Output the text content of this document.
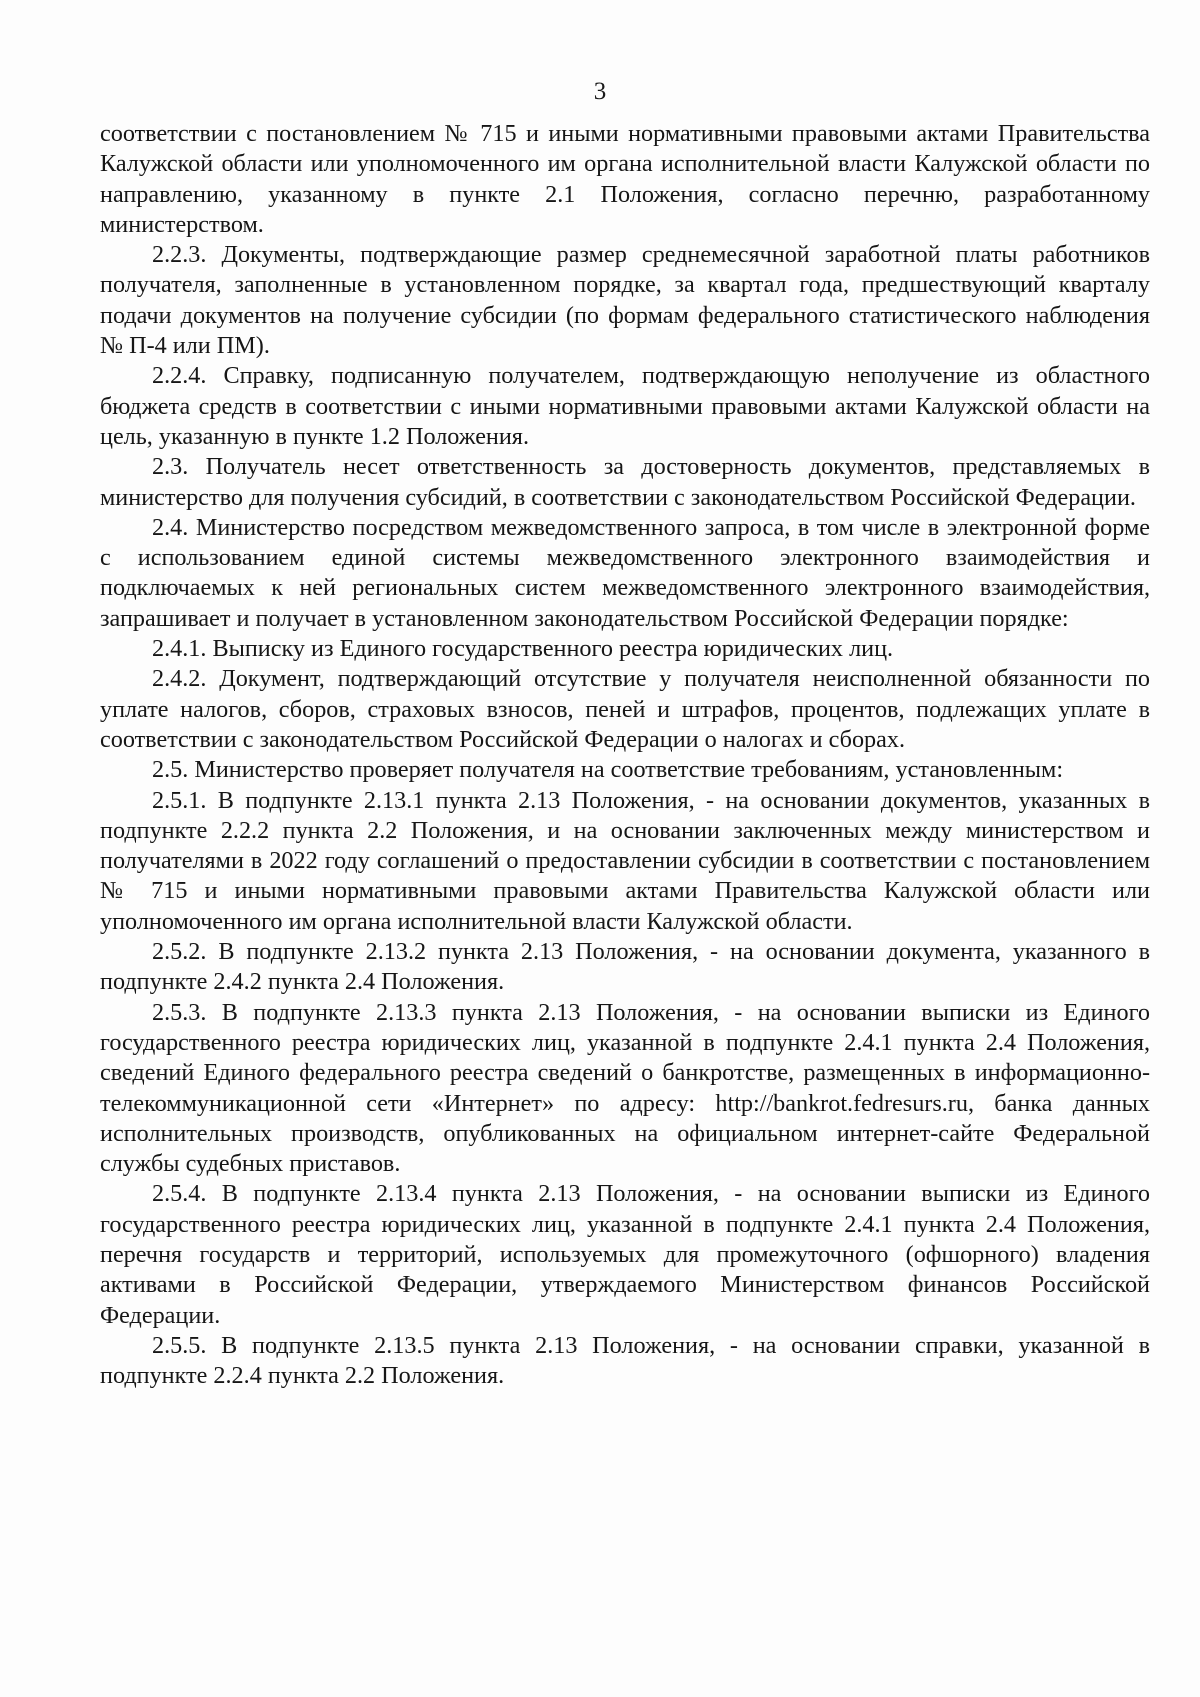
3

соответствии с постановлением № 715 и иными нормативными правовыми актами Правительства Калужской области или уполномоченного им органа исполнительной власти Калужской области по направлению, указанному в пункте 2.1 Положения, согласно перечню, разработанному министерством.

2.2.3. Документы, подтверждающие размер среднемесячной заработной платы работников получателя, заполненные в установленном порядке, за квартал года, предшествующий кварталу подачи документов на получение субсидии (по формам федерального статистического наблюдения № П-4 или ПМ).

2.2.4. Справку, подписанную получателем, подтверждающую неполучение из областного бюджета средств в соответствии с иными нормативными правовыми актами Калужской области на цель, указанную в пункте 1.2 Положения.

2.3. Получатель несет ответственность за достоверность документов, представляемых в министерство для получения субсидий, в соответствии с законодательством Российской Федерации.

2.4. Министерство посредством межведомственного запроса, в том числе в электронной форме с использованием единой системы межведомственного электронного взаимодействия и подключаемых к ней региональных систем межведомственного электронного взаимодействия, запрашивает и получает в установленном законодательством Российской Федерации порядке:

2.4.1. Выписку из Единого государственного реестра юридических лиц.

2.4.2. Документ, подтверждающий отсутствие у получателя неисполненной обязанности по уплате налогов, сборов, страховых взносов, пеней и штрафов, процентов, подлежащих уплате в соответствии с законодательством Российской Федерации о налогах и сборах.

2.5. Министерство проверяет получателя на соответствие требованиям, установленным:

2.5.1. В подпункте 2.13.1 пункта 2.13 Положения, - на основании документов, указанных в подпункте 2.2.2 пункта 2.2 Положения, и на основании заключенных между министерством и получателями в 2022 году соглашений о предоставлении субсидии в соответствии с постановлением № 715 и иными нормативными правовыми актами Правительства Калужской области или уполномоченного им органа исполнительной власти Калужской области.

2.5.2. В подпункте 2.13.2 пункта 2.13 Положения, - на основании документа, указанного в подпункте 2.4.2 пункта 2.4 Положения.

2.5.3. В подпункте 2.13.3 пункта 2.13 Положения, - на основании выписки из Единого государственного реестра юридических лиц, указанной в подпункте 2.4.1 пункта 2.4 Положения, сведений Единого федерального реестра сведений о банкротстве, размещенных в информационно-телекоммуникационной сети «Интернет» по адресу: http://bankrot.fedresurs.ru, банка данных исполнительных производств, опубликованных на официальном интернет-сайте Федеральной службы судебных приставов.

2.5.4. В подпункте 2.13.4 пункта 2.13 Положения, - на основании выписки из Единого государственного реестра юридических лиц, указанной в подпункте 2.4.1 пункта 2.4 Положения, перечня государств и территорий, используемых для промежуточного (офшорного) владения активами в Российской Федерации, утверждаемого Министерством финансов Российской Федерации.

2.5.5. В подпункте 2.13.5 пункта 2.13 Положения, - на основании справки, указанной в подпункте 2.2.4 пункта 2.2 Положения.
